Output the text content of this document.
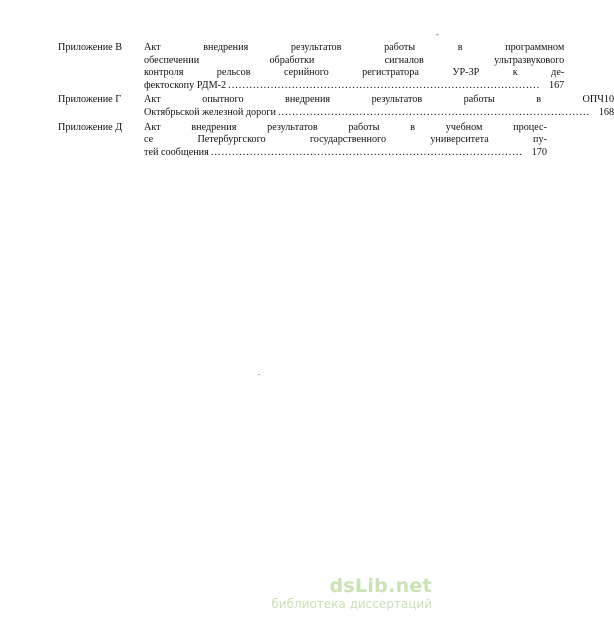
Приложение В	Акт внедрения результатов работы в программном
обеспечении обработки сигналов ультразвукового
контроля рельсов серийного регистратора УР-3Р к де-
фектоскопу РДМ-2 ........................................................................................ 167
Приложение Г	Акт опытного внедрения результатов работы в ОПЧ10
Октябрьской железной дороги ........................................................................................ 168
Приложение Д	Акт внедрения результатов работы в учебном процес-
се Петербургского государственного университета пу-
тей сообщения ........................................................................................ 170
-
.
dsLib.net
библиотека диссертаций
